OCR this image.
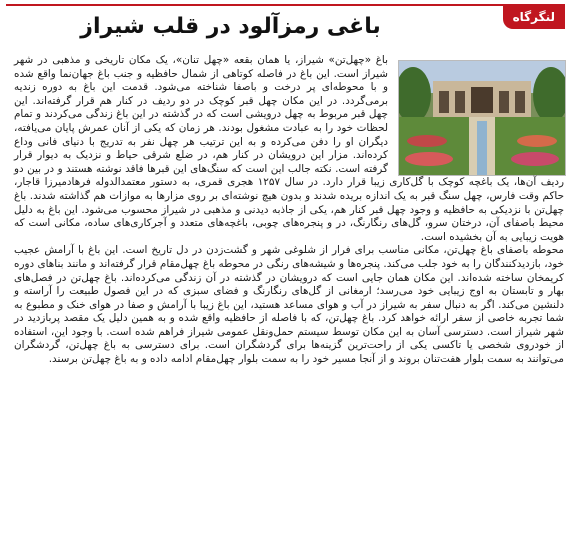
لنگرگاه
باغی رمزآلود در قلب شیراز

باغ «چهل‌تن» شیراز، یا همان بقعه «چهل تنان»، یک مکان تاریخی و مذهبی در شهر شیراز است. این باغ در فاصله کوتاهی از شمال حافظیه و جنب باغ جهان‌نما واقع شده و با محوطه‌ای پر درخت و باصفا شناخته می‌شود. قدمت این باغ به دوره زندیه برمی‌گردد. در این مکان چهل قبر کوچک در دو ردیف در کنار هم قرار گرفته‌اند. این چهل قبر مربوط به چهل درویشی است که در گذشته در این باغ زندگی می‌کردند و تمام لحظات خود را به عبادت مشغول بودند. هر زمان که یکی از آنان عمرش پایان می‌یافته، دیگران او را دفن می‌کرده و به این ترتیب هر چهل نفر به تدریج با دنیای فانی وداع کرده‌اند. مزار این درویشان در کنار هم، در ضلع شرقی حیاط و نزدیک به دیوار قرار گرفته است. نکته جالب این است که سنگ‌های این قبرها فاقد نوشته هستند و در بین دو ردیف آن‌ها، یک باغچه کوچک با گل‌کاری زیبا قرار دارد. در سال ۱۲۵۷ هجری قمری، به دستور معتمدالدوله فرهادمیرزا قاجار، حاکم وقت فارس، چهل سنگ قبر به یک اندازه بریده شدند و بدون هیچ نوشته‌ای بر روی مزارها به موازات هم گذاشته شدند. باغ چهل‌تن با نزدیکی به حافظیه و وجود چهل قبر کنار هم، یکی از جاذبه دیدنی و مذهبی در شیراز محسوب می‌شود. این باغ به دلیل محیط باصفای آن، درختان سرو، گل‌های رنگارنگ، در و پنجره‌های چوبی، باغچه‌های متعدد و آجرکاری‌های ساده، مکانی است که هویت زیبایی به آن بخشیده است.

محوطه باصفای باغ چهل‌تن، مکانی مناسب برای فرار از شلوغی شهر و گشت‌زدن در دل تاریخ است. این باغ با آرامش عجیب خود، بازدیدکنندگان را به خود جلب می‌کند. پنجره‌ها و شیشه‌های رنگی در محوطه باغ چهل‌مقام قرار گرفته‌اند و مانند بناهای دوره کریمخان ساخته شده‌اند. این مکان همان جایی است که درویشان در گذشته در آن زندگی می‌کرده‌اند. باغ چهل‌تن در فصل‌های بهار و تابستان به اوج زیبایی خود می‌رسد؛ ارمغانی از گل‌های رنگارنگ و فضای سبزی که در این فصول طبیعت را آراسته و دلنشین می‌کند. اگر به دنبال سفر به شیراز در آب و هوای مساعد هستید، این باغ زیبا با آرامش و صفا در هوای خنک و مطبوع به شما تجربه خاصی از سفر ارائه خواهد کرد. باغ چهل‌تن، که با فاصله از حافظیه واقع شده و به همین دلیل یک مقصد پربازدید در شهر شیراز است. دسترسی آسان به این مکان توسط سیستم حمل‌ونقل عمومی شیراز فراهم شده است. با وجود این، استفاده از خودروی شخصی یا تاکسی یکی از راحت‌ترین گزینه‌ها برای گردشگران است. برای دسترسی به باغ چهل‌تن، گردشگران می‌توانند به سمت بلوار هفت‌تنان بروند و از آنجا مسیر خود را به سمت بلوار چهل‌مقام ادامه داده و به باغ چهل‌تن برسند.
